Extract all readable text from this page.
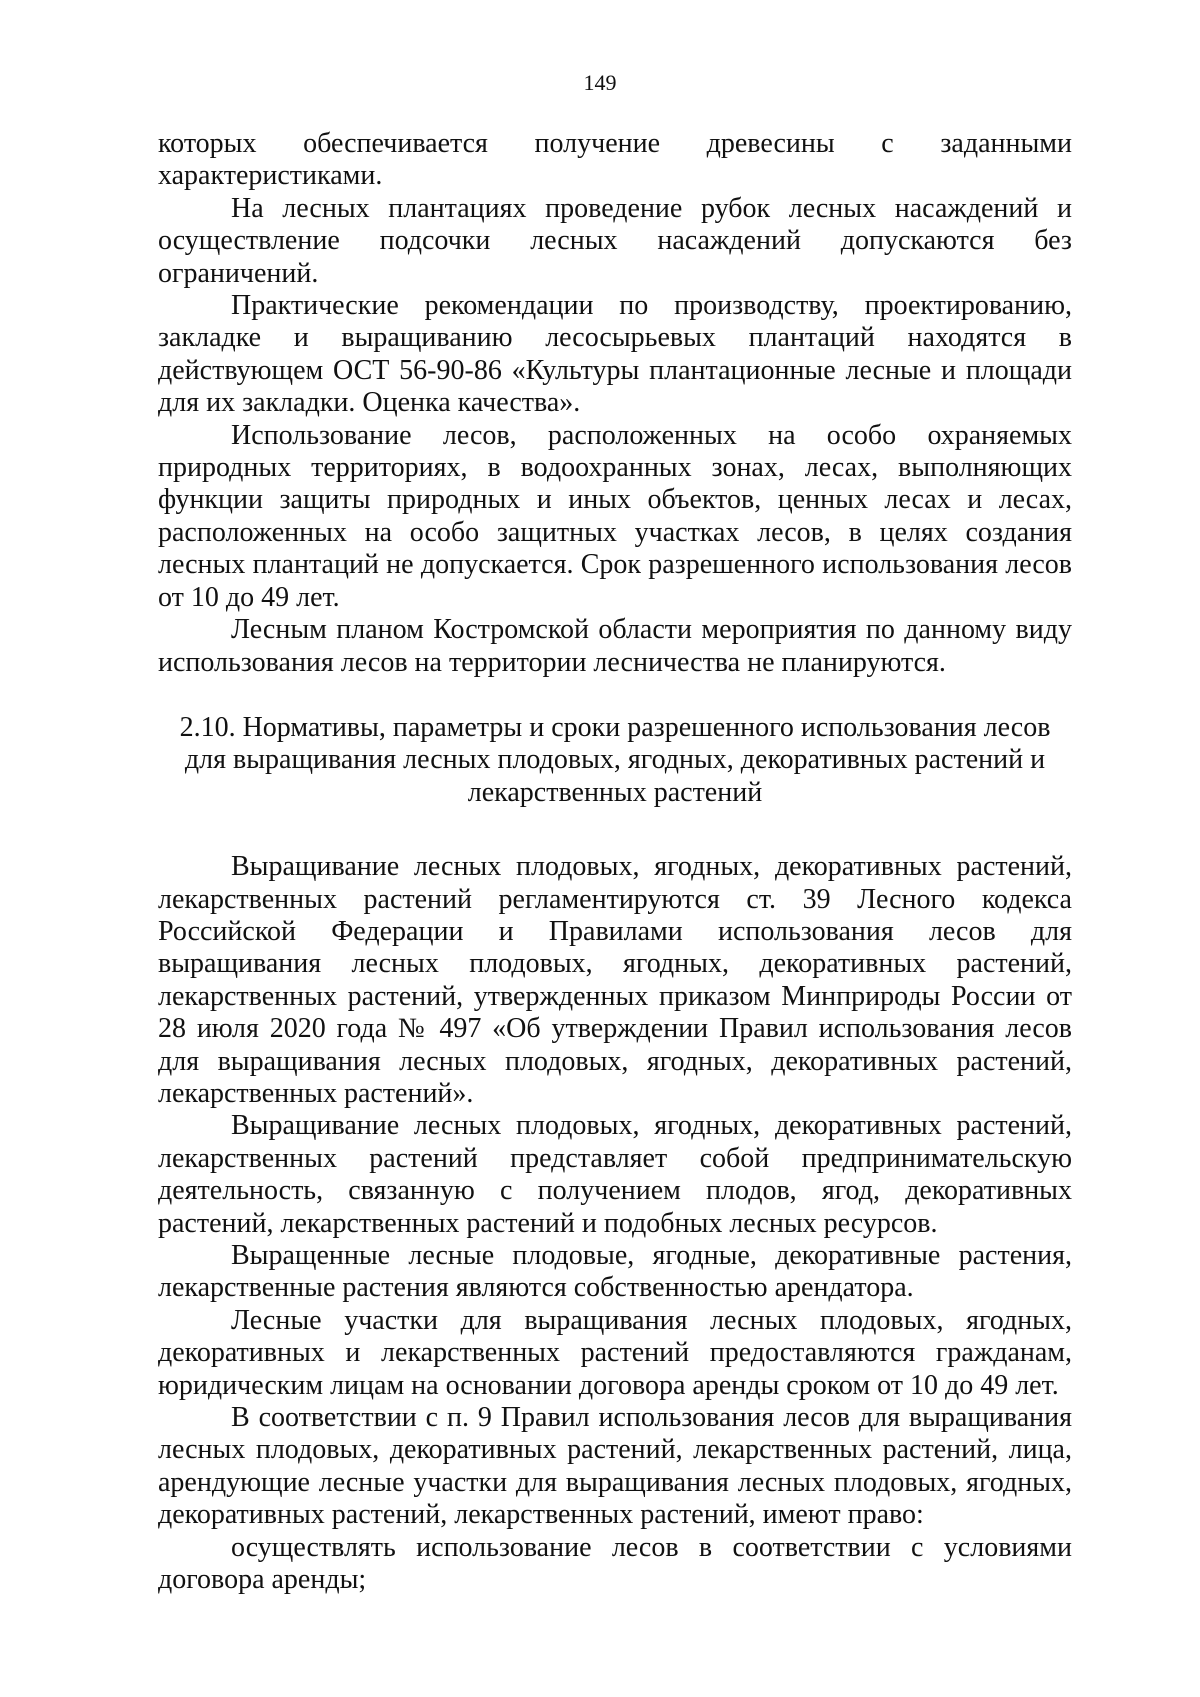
149

которых обеспечивается получение древесины с заданными характеристиками.

На лесных плантациях проведение рубок лесных насаждений и осуществление подсочки лесных насаждений допускаются без ограничений.

Практические рекомендации по производству, проектированию, закладке и выращиванию лесосырьевых плантаций находятся в действующем ОСТ 56-90-86 «Культуры плантационные лесные и площади для их закладки. Оценка качества».

Использование лесов, расположенных на особо охраняемых природных территориях, в водоохранных зонах, лесах, выполняющих функции защиты природных и иных объектов, ценных лесах и лесах, расположенных на особо защитных участках лесов, в целях создания лесных плантаций не допускается. Срок разрешенного использования лесов от 10 до 49 лет.

Лесным планом Костромской области мероприятия по данному виду использования лесов на территории лесничества не планируются.

2.10. Нормативы, параметры и сроки разрешенного использования лесов для выращивания лесных плодовых, ягодных, декоративных растений и лекарственных растений

Выращивание лесных плодовых, ягодных, декоративных растений, лекарственных растений регламентируются ст. 39 Лесного кодекса Российской Федерации и Правилами использования лесов для выращивания лесных плодовых, ягодных, декоративных растений, лекарственных растений, утвержденных приказом Минприроды России от 28 июля 2020 года № 497 «Об утверждении Правил использования лесов для выращивания лесных плодовых, ягодных, декоративных растений, лекарственных растений».

Выращивание лесных плодовых, ягодных, декоративных растений, лекарственных растений представляет собой предпринимательскую деятельность, связанную с получением плодов, ягод, декоративных растений, лекарственных растений и подобных лесных ресурсов.

Выращенные лесные плодовые, ягодные, декоративные растения, лекарственные растения являются собственностью арендатора.

Лесные участки для выращивания лесных плодовых, ягодных, декоративных и лекарственных растений предоставляются гражданам, юридическим лицам на основании договора аренды сроком от 10 до 49 лет.

В соответствии с п. 9 Правил использования лесов для выращивания лесных плодовых, декоративных растений, лекарственных растений, лица, арендующие лесные участки для выращивания лесных плодовых, ягодных, декоративных растений, лекарственных растений, имеют право:

осуществлять использование лесов в соответствии с условиями договора аренды;
